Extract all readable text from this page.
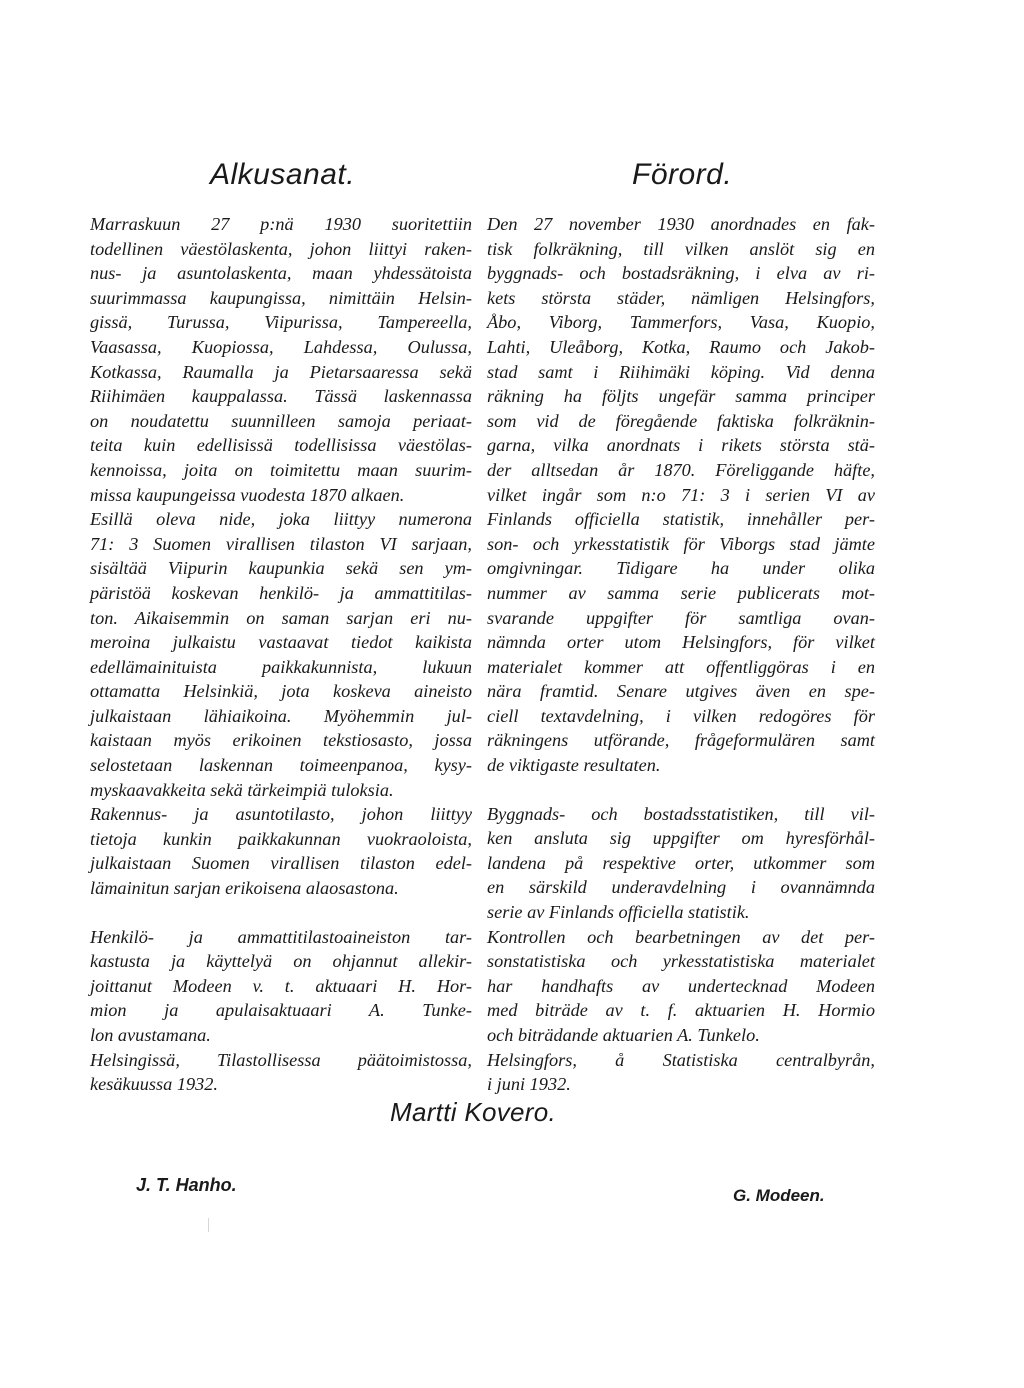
Alkusanat.	Förord.
Marraskuun 27 p:nä 1930 suoritettiin
todellinen väestölaskenta, johon liittyi raken-
nus- ja asuntolaskenta, maan yhdessätoista
suurimmassa kaupungissa, nimittäin Helsin-
gissä, Turussa, Viipurissa, Tampereella,
Vaasassa, Kuopiossa, Lahdessa, Oulussa,
Kotkassa, Raumalla ja Pietarsaaressa sekä
Riihimäen kauppalassa. Tässä laskennassa
on noudatettu suunnilleen samoja periaat-
teita kuin edellisissä todellisissa väestölas-
kennoissa, joita on toimitettu maan suurim-
missa kaupungeissa vuodesta 1870 alkaen.
Esillä oleva nide, joka liittyy numerona
71: 3 Suomen virallisen tilaston VI sarjaan,
sisältää Viipurin kaupunkia sekä sen ym-
päristöä koskevan henkilö- ja ammattitilas-
ton. Aikaisemmin on saman sarjan eri nu-
meroina julkaistu vastaavat tiedot kaikista
edellämainituista paikkakunnista, lukuun
ottamatta Helsinkiä, jota koskeva aineisto
julkaistaan lähiaikoina. Myöhemmin jul-
kaistaan myös erikoinen tekstiosasto, jossa
selostetaan laskennan toimeenpanoa, kysy-
myskaavakkeita sekä tärkeimpiä tuloksia.
Rakennus- ja asuntotilasto, johon liittyy
tietoja kunkin paikkakunnan vuokraoloista,
julkaistaan Suomen virallisen tilaston edel-
lämainitun sarjan erikoisena alaosastona.
Henkilö- ja ammattitilastoaineiston tar-
kastusta ja käyttelyä on ohjannut allekir-
joittanut Modeen v. t. aktuaari H. Hor-
mion ja apulaisaktuaari A. Tunke-
lon avustamana.
Helsingissä, Tilastollisessa päätoimistossa,
kesäkuussa 1932.
Den 27 november 1930 anordnades en fak-
tisk folkräkning, till vilken anslöt sig en
byggnads- och bostadsräkning, i elva av ri-
kets största städer, nämligen Helsingfors,
Åbo, Viborg, Tammerfors, Vasa, Kuopio,
Lahti, Uleåborg, Kotka, Raumo och Jakob-
stad samt i Riihimäki köping. Vid denna
räkning ha följts ungefär samma principer
som vid de föregående faktiska folkräknin-
garna, vilka anordnats i rikets största stä-
der alltsedan år 1870. Föreliggande häfte,
vilket ingår som n:o 71: 3 i serien VI av
Finlands officiella statistik, innehåller per-
son- och yrkesstatistik för Viborgs stad jämte
omgivningar. Tidigare ha under olika
nummer av samma serie publicerats mot-
svarande uppgifter för samtliga ovan-
nämnda orter utom Helsingfors, för vilket
materialet kommer att offentliggöras i en
nära framtid. Senare utgives även en spe-
ciell textavdelning, i vilken redogöres för
räkningens utförande, frågeformulären samt
de viktigaste resultaten.
Byggnads- och bostadsstatistiken, till vil-
ken ansluta sig uppgifter om hyresförhål-
landena på respektive orter, utkommer som
en särskild underavdelning i ovannämnda
serie av Finlands officiella statistik.
Kontrollen och bearbetningen av det per-
sonstatistiska och yrkesstatistiska materialet
har handhafts av undertecknad Modeen
med biträde av t. f. aktuarien H. Hormio
och biträdande aktuarien A. Tunkelo.
Helsingfors, å Statistiska centralbyrån,
i juni 1932.
Martti Kovero.
J. T. Hanho.
G. Modeen.
